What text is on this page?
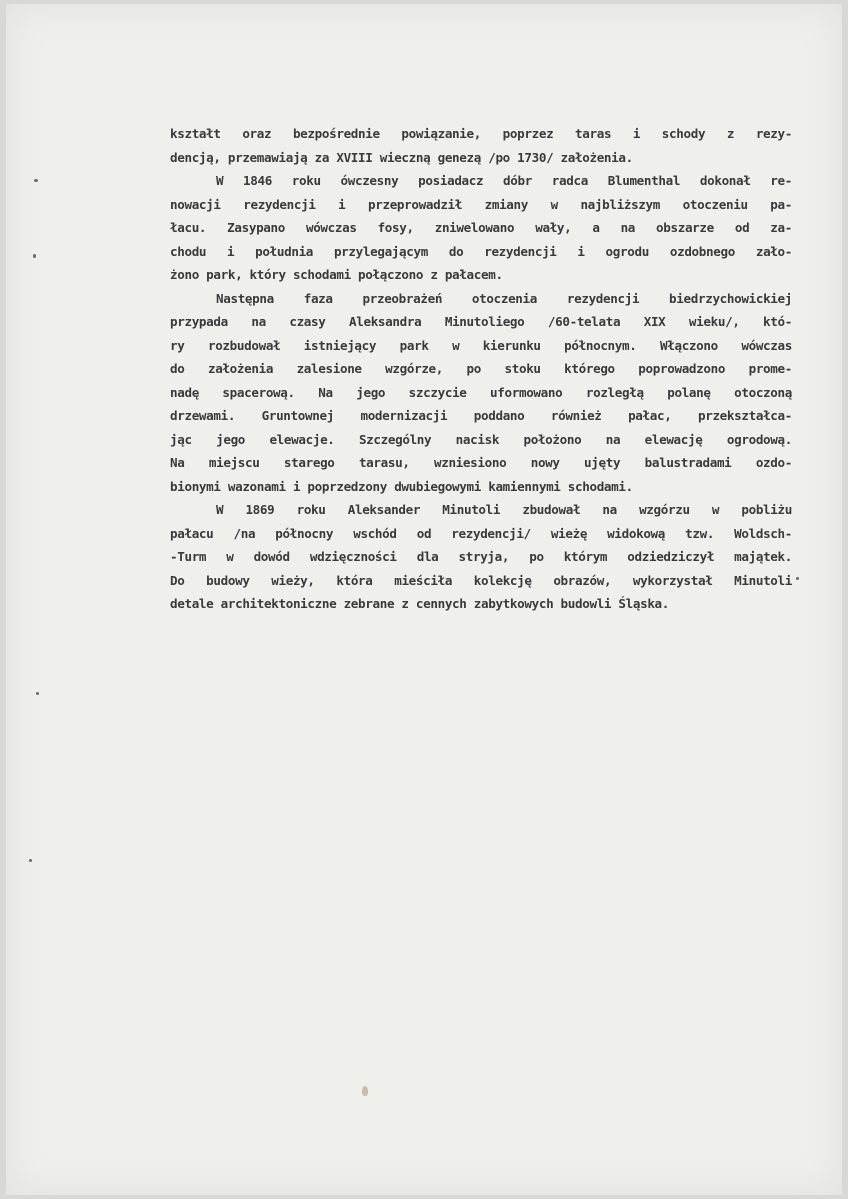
kształt oraz bezpośrednie powiązanie, poprzez taras i schody z rezy-
dencją, przemawiają za XVIII wieczną genezą /po 1730/ założenia.
W 1846 roku ówczesny posiadacz dóbr radca Blumenthal dokonał re-
nowacji rezydencji i przeprowadził zmiany w najbliższym otoczeniu pa-
łacu. Zasypano wówczas fosy, zniwelowano wały, a na obszarze od za-
chodu i południa przylegającym do rezydencji i ogrodu ozdobnego zało-
żono park, który schodami połączono z pałacem.
Następna faza przeobrażeń otoczenia rezydencji biedrzychowickiej
przypada na czasy Aleksandra Minutoliego /60-telata XIX wieku/, któ-
ry rozbudował istniejący park w kierunku północnym. Włączono wówczas
do założenia zalesione wzgórze, po stoku którego poprowadzono prome-
nadę spacerową. Na jego szczycie uformowano rozległą polanę otoczoną
drzewami. Gruntownej modernizacji poddano również pałac, przekształca-
jąc jego elewacje. Szczególny nacisk położono na elewację ogrodową.
Na miejscu starego tarasu, wzniesiono nowy ujęty balustradami ozdo-
bionymi wazonami i poprzedzony dwubiegowymi kamiennymi schodami.
W 1869 roku Aleksander Minutoli zbudował na wzgórzu w pobliżu
pałacu /na północny wschód od rezydencji/ wieżę widokową tzw. Woldsch-
-Turm w dowód wdzięczności dla stryja, po którym odziedziczył majątek.
Do budowy wieży, która mieściła kolekcję obrazów, wykorzystał Minutoli
detale architektoniczne zebrane z cennych zabytkowych budowli Śląska.
